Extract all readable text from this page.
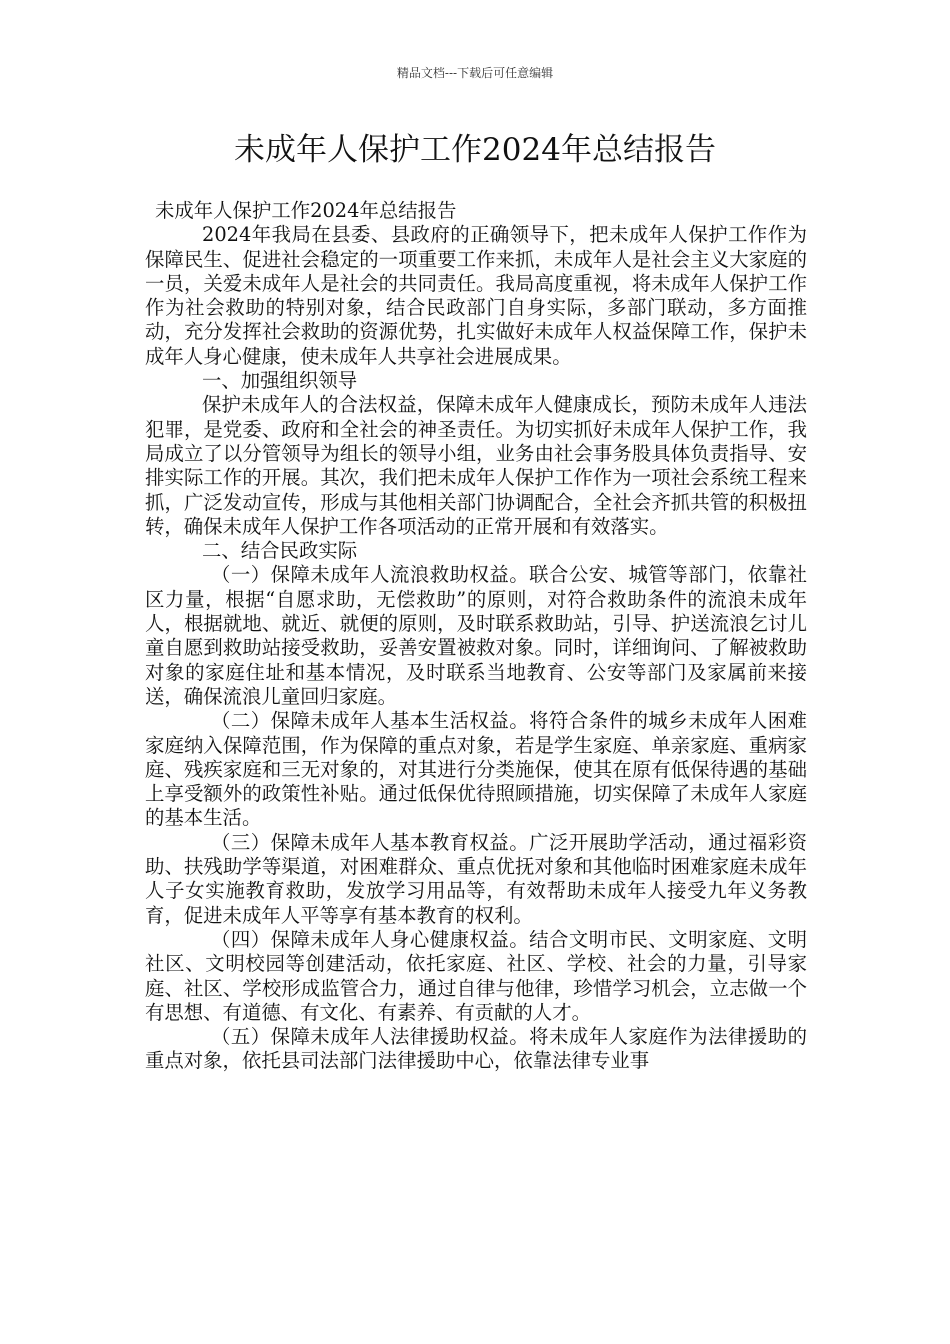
精品文档---下载后可任意编辑
未成年人保护工作2024年总结报告

未成年人保护工作2024年总结报告

2024年我局在县委、县政府的正确领导下，把未成年人保护工作作为保障民生、促进社会稳定的一项重要工作来抓，未成年人是社会主义大家庭的一员，关爱未成年人是社会的共同责任。我局高度重视，将未成年人保护工作作为社会救助的特别对象，结合民政部门自身实际，多部门联动，多方面推动，充分发挥社会救助的资源优势，扎实做好未成年人权益保障工作，保护未成年人身心健康，使未成年人共享社会进展成果。

一、加强组织领导

保护未成年人的合法权益，保障未成年人健康成长，预防未成年人违法犯罪，是党委、政府和全社会的神圣责任。为切实抓好未成年人保护工作，我局成立了以分管领导为组长的领导小组，业务由社会事务股具体负责指导、安排实际工作的开展。其次，我们把未成年人保护工作作为一项社会系统工程来抓，广泛发动宣传，形成与其他相关部门协调配合，全社会齐抓共管的积极扭转，确保未成年人保护工作各项活动的正常开展和有效落实。

二、结合民政实际

（一）保障未成年人流浪救助权益。联合公安、城管等部门，依靠社区力量，根据“自愿求助，无偿救助”的原则，对符合救助条件的流浪未成年人，根据就地、就近、就便的原则，及时联系救助站，引导、护送流浪乞讨儿童自愿到救助站接受救助，妥善安置被救对象。同时，详细询问、了解被救助对象的家庭住址和基本情况，及时联系当地教育、公安等部门及家属前来接送，确保流浪儿童回归家庭。

（二）保障未成年人基本生活权益。将符合条件的城乡未成年人困难家庭纳入保障范围，作为保障的重点对象，若是学生家庭、单亲家庭、重病家庭、残疾家庭和三无对象的，对其进行分类施保，使其在原有低保待遇的基础上享受额外的政策性补贴。通过低保优待照顾措施，切实保障了未成年人家庭的基本生活。

（三）保障未成年人基本教育权益。广泛开展助学活动，通过福彩资助、扶残助学等渠道，对困难群众、重点优抚对象和其他临时困难家庭未成年人子女实施教育救助，发放学习用品等，有效帮助未成年人接受九年义务教育，促进未成年人平等享有基本教育的权利。

（四）保障未成年人身心健康权益。结合文明市民、文明家庭、文明社区、文明校园等创建活动，依托家庭、社区、学校、社会的力量，引导家庭、社区、学校形成监管合力，通过自律与他律，珍惜学习机会，立志做一个有思想、有道德、有文化、有素养、有贡献的人才。

（五）保障未成年人法律援助权益。将未成年人家庭作为法律援助的重点对象，依托县司法部门法律援助中心，依靠法律专业事
